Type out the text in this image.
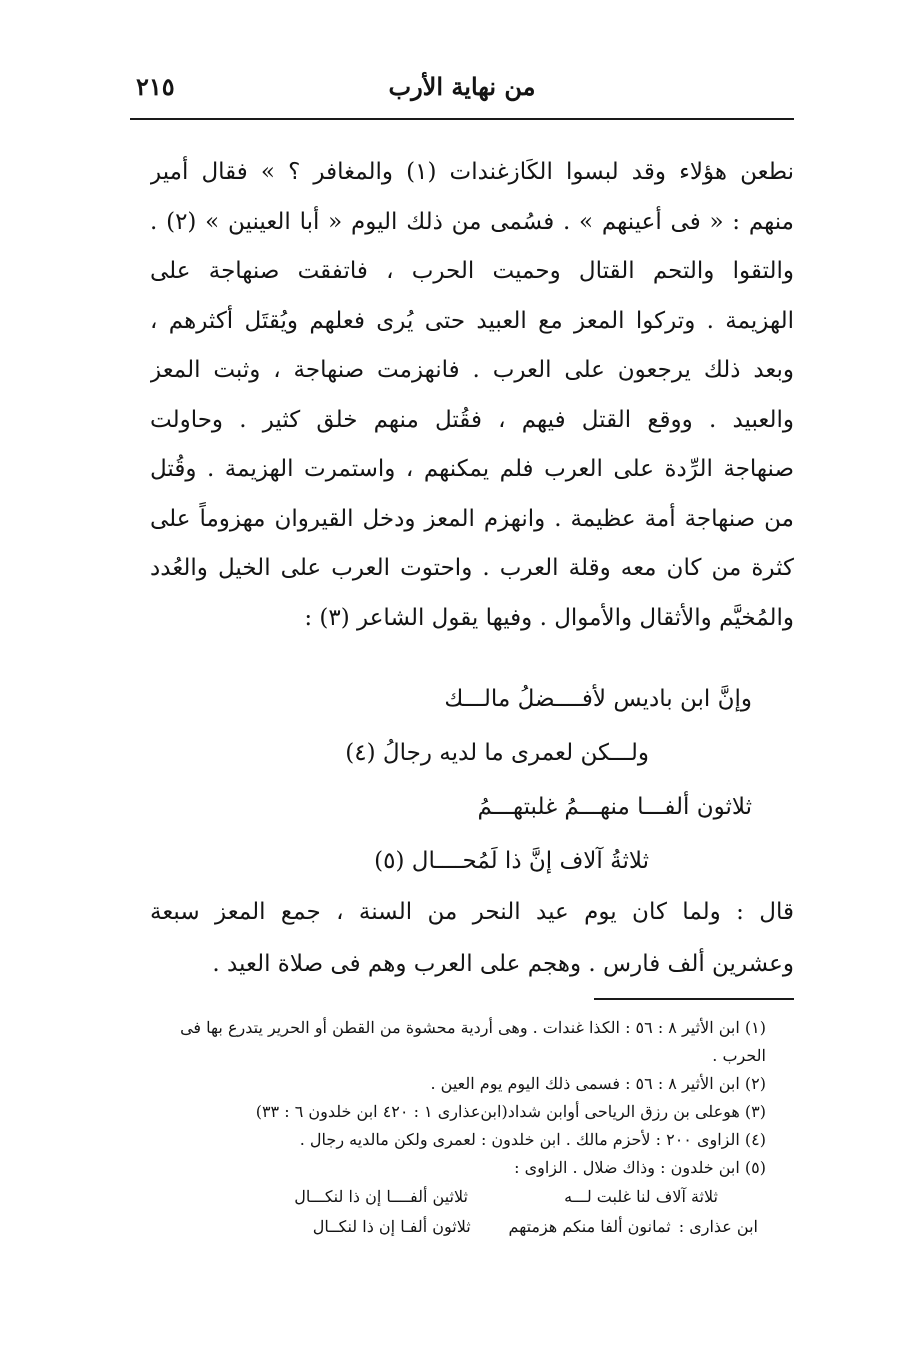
من نهاية الأرب
٢١٥
نطعن هؤلاء وقد لبسوا الكَازغندات (١) والمغافر ؟ » فقال أمير
منهم : « فى أعينهم » . فسُمى من ذلك اليوم « أبا العينين » (٢) .
والتقوا والتحم القتال وحميت الحرب ، فاتفقت صنهاجة على
الهزيمة . وتركوا المعز مع العبيد حتى يُرى فعلهم ويُقتَل أكثرهم ،
وبعد ذلك يرجعون على العرب . فانهزمت صنهاجة ، وثبت المعز
والعبيد . ووقع القتل فيهم ، فقُتل منهم خلق كثير . وحاولت
صنهاجة الرِّدة على العرب فلم يمكنهم ، واستمرت الهزيمة . وقُتل
من صنهاجة أمة عظيمة . وانهزم المعز ودخل القيروان مهزوماً على
كثرة من كان معه وقلة العرب . واحتوت العرب على الخيل والعُدد
والمُخيَّم والأثقال والأموال . وفيها يقول الشاعر (٣) :
وإنَّ ابن باديس لأفــــضلُ مالـــك
ولـــكن لعمرى ما لديه رجالُ (٤)
ثلاثون ألفـــا منهـــمُ غلبتهـــمُ
ثلاثةُ آلاف إنَّ ذا لَمُحــــال (٥)
قال : ولما كان يوم عيد النحر من السنة ، جمع المعز سبعة
وعشرين ألف فارس . وهجم على العرب وهم فى صلاة العيد .
(١) ابن الأثير ٨ : ٥٦ : الكذا غندات . وهى أردية محشوة من القطن أو الحرير يتدرع بها فى الحرب .
(٢) ابن الأثير ٨ : ٥٦ : فسمى ذلك اليوم يوم العين .
(٣) هوعلى بن رزق الرياحى أوابن شداد(ابن‌عذارى ١ : ٤٢٠ ابن خلدون ٦ : ٣٣)
(٤) الزاوى ٢٠٠ : لأحزم مالك . ابن خلدون : لعمرى ولكن مالديه رجال .
(٥) ابن خلدون : وذاك ضلال . الزاوى :
ثلاثة آلاف لنا غلبت لـــه
ثلاثين ألفــــا إن ذا لنكـــال
ابن عذارى :
ثمانون ألفا منكم هزمتهم
ثلاثون ألفـا إن ذا لنكــال
